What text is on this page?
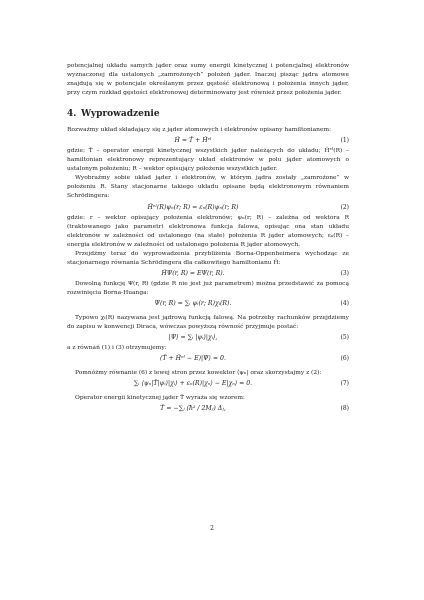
potencjalnej układu samych jąder oraz sumy energii kinetycznej i potencjalnej elektronów wyznaczonej dla ustalonych „zamrożonych” położeń jąder. Inaczej pisząc jądra atomowe znajdują się w potencjale określanym przez gęstość elektronową i położenia innych jąder, przy czym rozkład gęstości elektronowej determinowany jest również przez położenia jąder.

4. Wyprowadzenie

Rozważmy układ składający się z jąder atomowych i elektronów opisany hamiltonianem:

Ĥ = T̂ + Ĥᵉˡ	(1)

gdzie: T̂ – operator energii kinetycznej wszystkich jąder należących do układu; Ĥᵉˡ(R) – hamiltonian elektronowy reprezentujący układ elektronów w polu jąder atomowych o ustalonym położeniu; R – wektor opisujący położenie wszystkich jąder.

Wyobraźmy sobie układ jąder i elektronów, w którym jądra zostały „zamrożone” w położeniu R. Stany stacjonarne takiego układu opisane będą elektronowym równaniem Schrödingera:

Ĥᵉˡ(R)ψₙ(r; R) = εₙ(R)ψₙ(r; R)	(2)

gdzie: r – wektor opisujący położenia elektronów; ψₙ(r; R) – zależna od wektora R (traktowanego jako parametr) elektronowa funkcja falowa, opisując ona stan układu elektronów w zależności od ustalonego (na stałe) położenia R jąder atomowych; εₙ(R) – energia elektronów w zależności od ustalonego położenia R jąder atomowych.

Przejdźmy teraz do wyprowadzenia przybliżenia Borna-Oppenheimera wychodząc ze stacjonarnego równania Schrödingera dla całkowitego hamiltonianu Ĥ:

ĤΨ(r, R) = EΨ(r, R).	(3)

Dowolną funkcję Ψ(r, R) (gdzie R nie jest już parametrem) można przedstawić za pomocą rozwinięcia Borna-Huanga:

Ψ(r, R) = ∑ᵢ ψᵢ(r; R)χᵢ(R).	(4)

Typowo χᵢ(R) nazywana jest jądrową funkcją falową. Na potrzeby rachunków przejdziemy do zapisu w konwencji Diraca, wówczas powyższą równość przyjmuje postać:

|Ψ⟩ = ∑ᵢ |ψᵢ⟩|χᵢ⟩,	(5)

a z równań (1) i (3) otrzymujemy:

(T̂ + Ĥᵉˡ − E)|Ψ⟩ = 0.	(6)

Pomnóżmy równanie (6) z lewej stron przez kowektor ⟨ψₙ| oraz skorzystajmy z (2):

∑ᵢ ⟨ψₙ|T̂|ψᵢ⟩|χᵢ⟩ + εₙ(R)|χₙ⟩ − E|χₙ⟩ = 0.	(7)

Operator energii kinetycznej jąder T̂ wyraża się wzorem:

T̂ = −∑ⱼ (ħ² / 2Mⱼ) Δⱼ,	(8)
2
